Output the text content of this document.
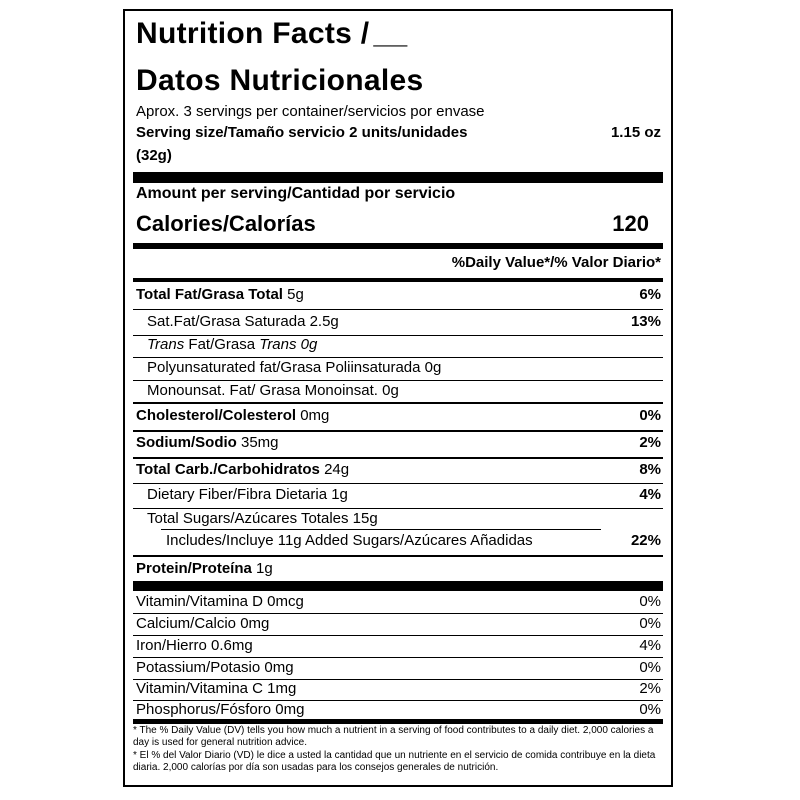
Nutrition Facts / __
Datos Nutricionales
Aprox. 3 servings per container/servicios por envase
Serving size/Tamaño servicio 2 units/unidades	1.15 oz
(32g)
Amount per serving/Cantidad por servicio
Calories/Calorías	120
%Daily Value*/% Valor Diario*
Total Fat/Grasa Total 5g	6%
Sat.Fat/Grasa Saturada 2.5g	13%
Trans Fat/Grasa Trans 0g
Polyunsaturated fat/Grasa Poliinsaturada 0g
Monounsat. Fat/ Grasa Monoinsat. 0g
Cholesterol/Colesterol 0mg	0%
Sodium/Sodio 35mg	2%
Total Carb./Carbohidratos 24g	8%
Dietary Fiber/Fibra Dietaria 1g	4%
Total Sugars/Azúcares Totales 15g
Includes/Incluye 11g Added Sugars/Azúcares Añadidas	22%
Protein/Proteína 1g
Vitamin/Vitamina D 0mcg	0%
Calcium/Calcio 0mg	0%
Iron/Hierro 0.6mg	4%
Potassium/Potasio 0mg	0%
Vitamin/Vitamina C 1mg	2%
Phosphorus/Fósforo 0mg	0%
* The % Daily Value (DV) tells you how much a nutrient in a serving of food contributes to a daily diet. 2,000 calories a day is used for general nutrition advice.
* El % del Valor Diario (VD) le dice a usted la cantidad que un nutriente en el servicio de comida contribuye en la dieta diaria. 2,000 calorías por día son usadas para los consejos generales de nutrición.
